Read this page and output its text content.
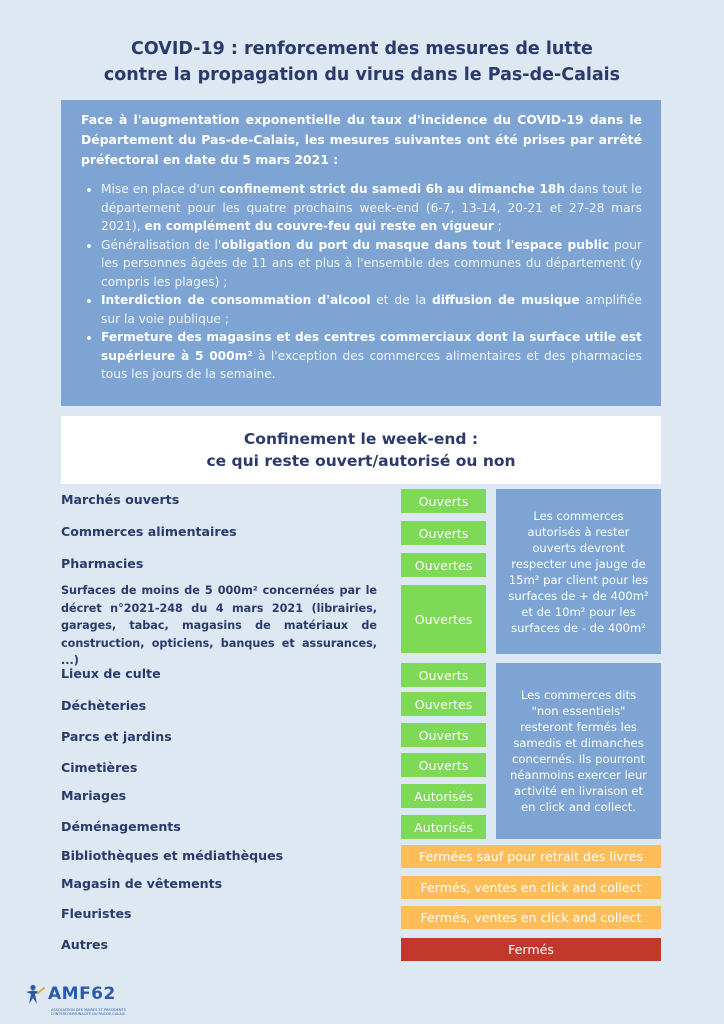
COVID-19 : renforcement des mesures de lutte
contre la propagation du virus dans le Pas-de-Calais

Face à l'augmentation exponentielle du taux d'incidence du COVID-19 dans le Département du Pas-de-Calais, les mesures suivantes ont été prises par arrêté préfectoral en date du 5 mars 2021 :

• Mise en place d'un confinement strict du samedi 6h au dimanche 18h dans tout le département pour les quatre prochains week-end (6-7, 13-14, 20-21 et 27-28 mars 2021), en complément du couvre-feu qui reste en vigueur ;
• Généralisation de l'obligation du port du masque dans tout l'espace public pour les personnes âgées de 11 ans et plus à l'ensemble des communes du département (y compris les plages) ;
• Interdiction de consommation d'alcool et de la diffusion de musique amplifiée sur la voie publique ;
• Fermeture des magasins et des centres commerciaux dont la surface utile est supérieure à 5 000m² à l'exception des commerces alimentaires et des pharmacies tous les jours de la semaine.
Confinement le week-end :
ce qui reste ouvert/autorisé ou non
Marchés ouverts
Commerces alimentaires
Pharmacies
Surfaces de moins de 5 000m² concernées par le décret n°2021-248 du 4 mars 2021 (librairies, garages, tabac, magasins de matériaux de construction, opticiens, banques et assurances, ...)
Lieux de culte
Déchèteries
Parcs et jardins
Cimetières
Mariages
Déménagements
Bibliothèques et médiathèques
Magasin de vêtements
Fleuristes
Autres
Ouverts
Ouverts
Ouvertes
Ouvertes
Ouverts
Ouvertes
Ouverts
Ouverts
Autorisés
Autorisés
Fermées sauf pour retrait des livres
Fermés, ventes en click and collect
Fermés, ventes en click and collect
Fermés
Les commerces autorisés à rester ouverts devront respecter une jauge de 15m² par client pour les surfaces de + de 400m² et de 10m² pour les surfaces de - de 400m²
Les commerces dits "non essentiels" resteront fermés les samedis et dimanches concernés. Ils pourront néanmoins exercer leur activité en livraison et en click and collect.
AMF62
ASSOCIATION DES MAIRES ET PRÉSIDENTS D'INTERCOMMUNALITÉ DU PAS-DE-CALAIS
